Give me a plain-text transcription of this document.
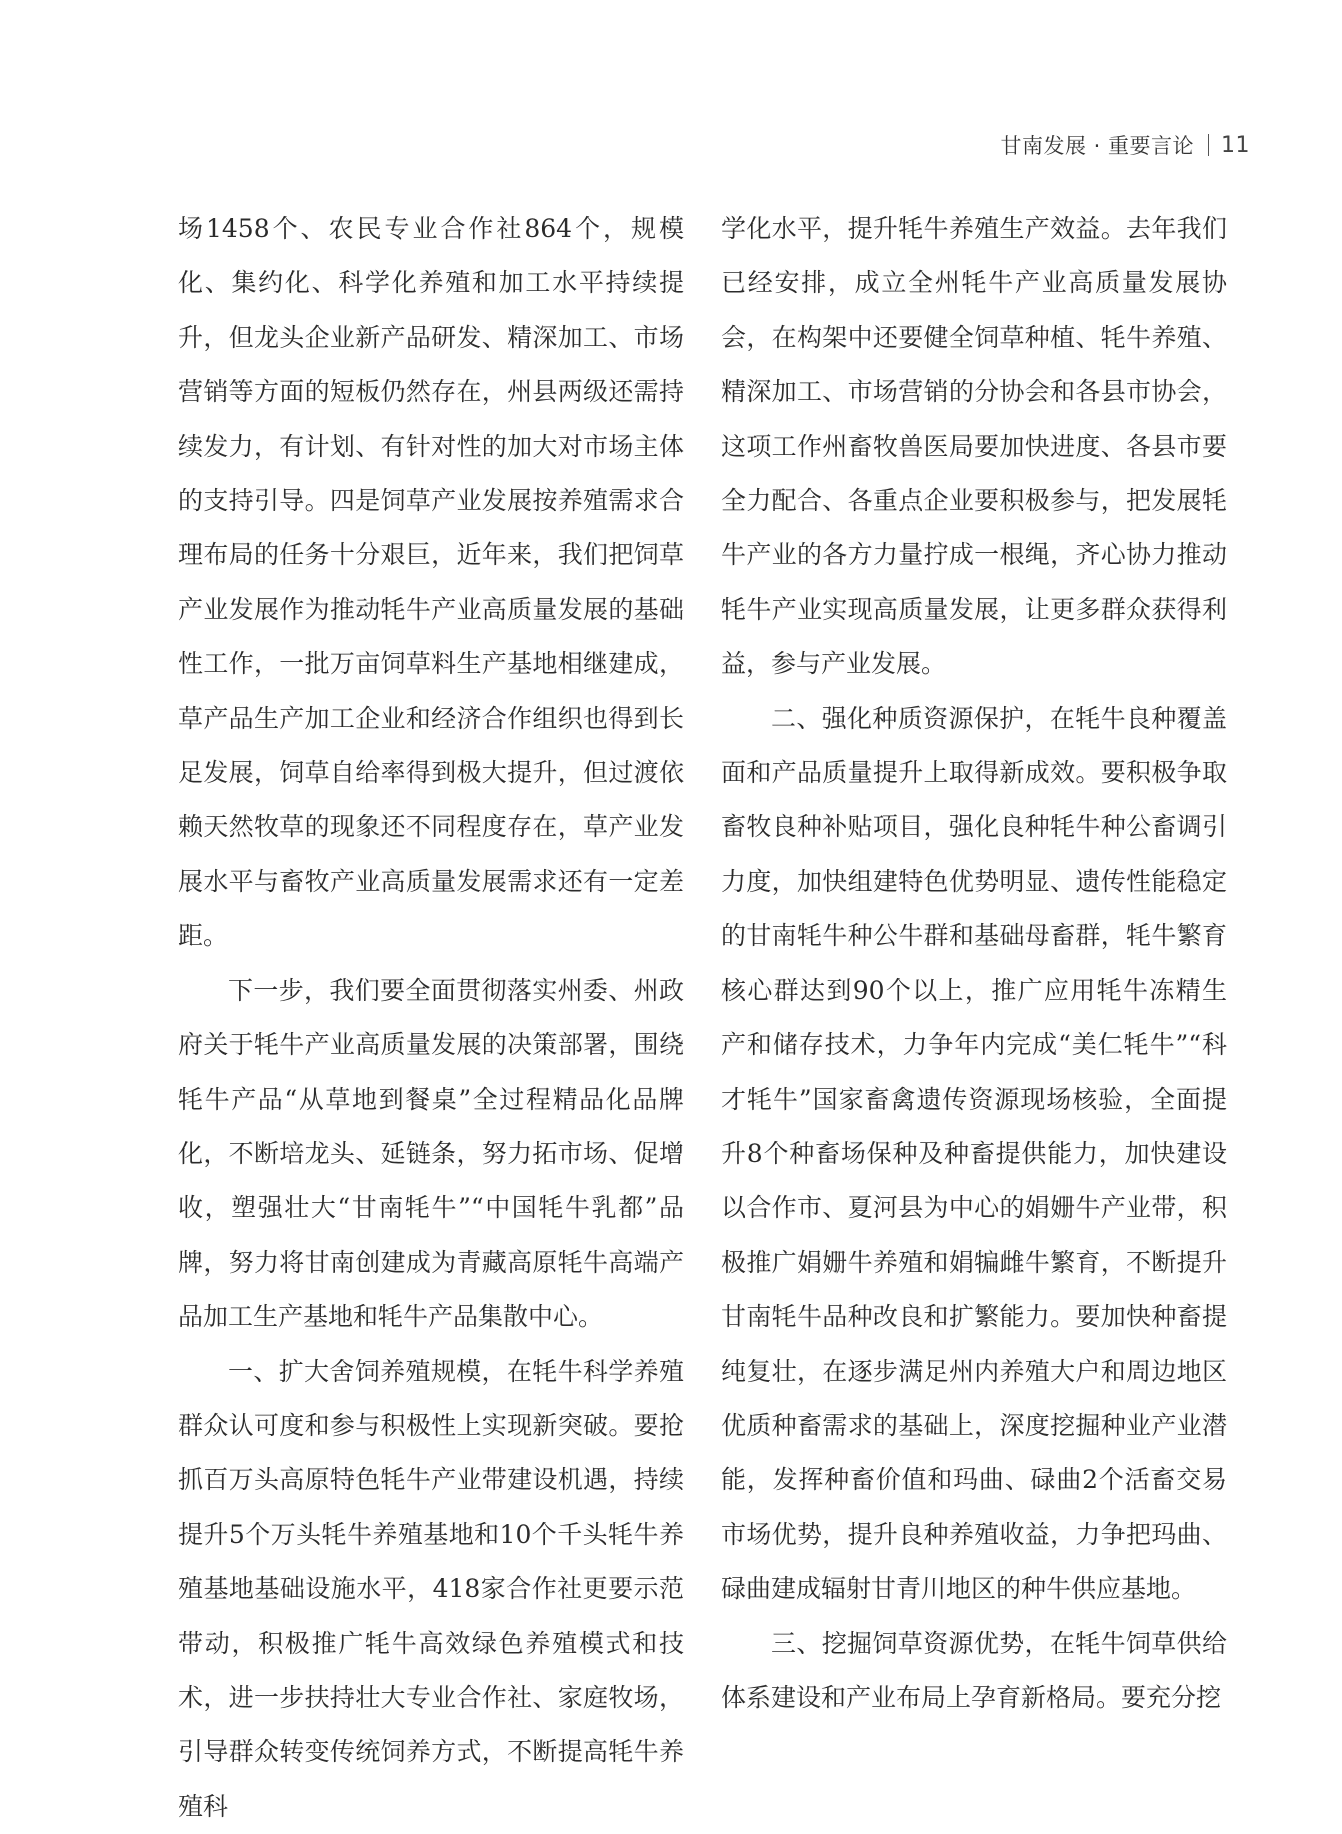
甘南发展 · 重要言论 11

场1458个、农民专业合作社864个，规模化、集约化、科学化养殖和加工水平持续提升，但龙头企业新产品研发、精深加工、市场营销等方面的短板仍然存在，州县两级还需持续发力，有计划、有针对性的加大对市场主体的支持引导。四是饲草产业发展按养殖需求合理布局的任务十分艰巨，近年来，我们把饲草产业发展作为推动牦牛产业高质量发展的基础性工作，一批万亩饲草料生产基地相继建成，草产品生产加工企业和经济合作组织也得到长足发展，饲草自给率得到极大提升，但过渡依赖天然牧草的现象还不同程度存在，草产业发展水平与畜牧产业高质量发展需求还有一定差距。

下一步，我们要全面贯彻落实州委、州政府关于牦牛产业高质量发展的决策部署，围绕牦牛产品“从草地到餐桌”全过程精品化品牌化，不断培龙头、延链条，努力拓市场、促增收，塑强壮大“甘南牦牛”“中国牦牛乳都”品牌，努力将甘南创建成为青藏高原牦牛高端产品加工生产基地和牦牛产品集散中心。

一、扩大舍饲养殖规模，在牦牛科学养殖群众认可度和参与积极性上实现新突破。要抢抓百万头高原特色牦牛产业带建设机遇，持续提升5个万头牦牛养殖基地和10个千头牦牛养殖基地基础设施水平，418家合作社更要示范带动，积极推广牦牛高效绿色养殖模式和技术，进一步扶持壮大专业合作社、家庭牧场，引导群众转变传统饲养方式，不断提高牦牛养殖科

学化水平，提升牦牛养殖生产效益。去年我们已经安排，成立全州牦牛产业高质量发展协会，在构架中还要健全饲草种植、牦牛养殖、精深加工、市场营销的分协会和各县市协会，这项工作州畜牧兽医局要加快进度、各县市要全力配合、各重点企业要积极参与，把发展牦牛产业的各方力量拧成一根绳，齐心协力推动牦牛产业实现高质量发展，让更多群众获得利益，参与产业发展。

二、强化种质资源保护，在牦牛良种覆盖面和产品质量提升上取得新成效。要积极争取畜牧良种补贴项目，强化良种牦牛种公畜调引力度，加快组建特色优势明显、遗传性能稳定的甘南牦牛种公牛群和基础母畜群，牦牛繁育核心群达到90个以上，推广应用牦牛冻精生产和储存技术，力争年内完成“美仁牦牛”“科才牦牛”国家畜禽遗传资源现场核验，全面提升8个种畜场保种及种畜提供能力，加快建设以合作市、夏河县为中心的娟姗牛产业带，积极推广娟姗牛养殖和娟犏雌牛繁育，不断提升甘南牦牛品种改良和扩繁能力。要加快种畜提纯复壮，在逐步满足州内养殖大户和周边地区优质种畜需求的基础上，深度挖掘种业产业潜能，发挥种畜价值和玛曲、碌曲2个活畜交易市场优势，提升良种养殖收益，力争把玛曲、碌曲建成辐射甘青川地区的种牛供应基地。

三、挖掘饲草资源优势，在牦牛饲草供给体系建设和产业布局上孕育新格局。要充分挖
